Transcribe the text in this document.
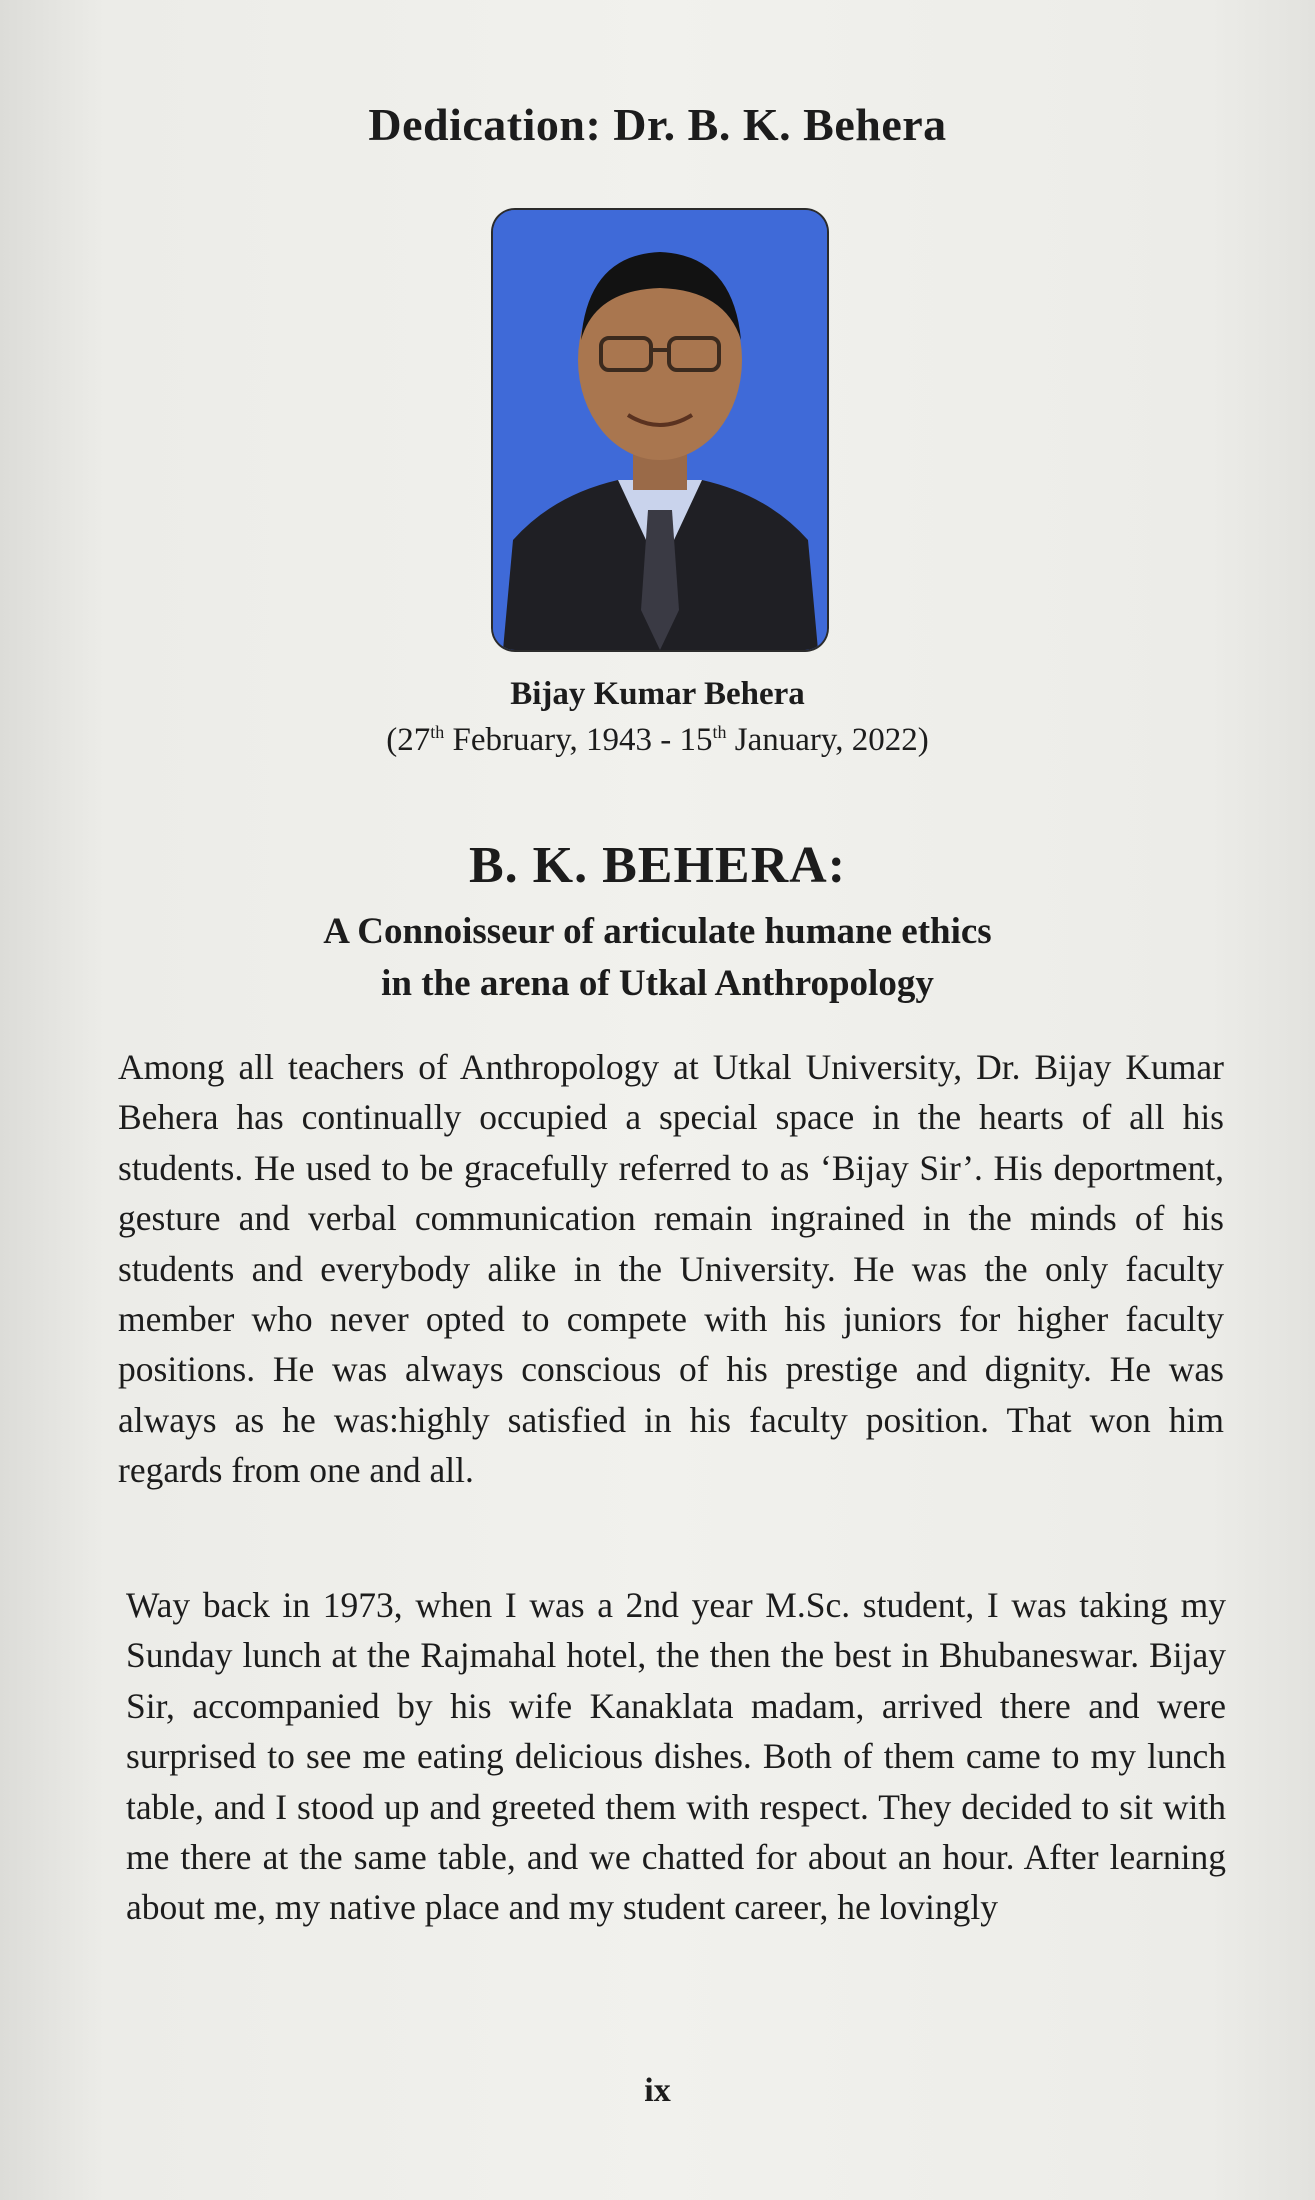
Dedication: Dr. B. K. Behera
Bijay Kumar Behera
(27th February, 1943 - 15th January, 2022)
B. K. BEHERA:
A Connoisseur of articulate humane ethics
in the arena of Utkal Anthropology
Among all teachers of Anthropology at Utkal University, Dr. Bijay Kumar Behera has continually occupied a special space in the hearts of all his students. He used to be gracefully referred to as ‘Bijay Sir’. His deportment, gesture and verbal communication remain ingrained in the minds of his students and everybody alike in the University. He was the only faculty member who never opted to compete with his juniors for higher faculty positions. He was always conscious of his prestige and dignity. He was always as he was:highly satisfied in his faculty position. That won him regards from one and all.
Way back in 1973, when I was a 2nd year M.Sc. student, I was taking my Sunday lunch at the Rajmahal hotel, the then the best in Bhubaneswar. Bijay Sir, accompanied by his wife Kanaklata madam, arrived there and were surprised to see me eating delicious dishes. Both of them came to my lunch table, and I stood up and greeted them with respect. They decided to sit with me there at the same table, and we chatted for about an hour. After learning about me, my native place and my student career, he lovingly
ix
